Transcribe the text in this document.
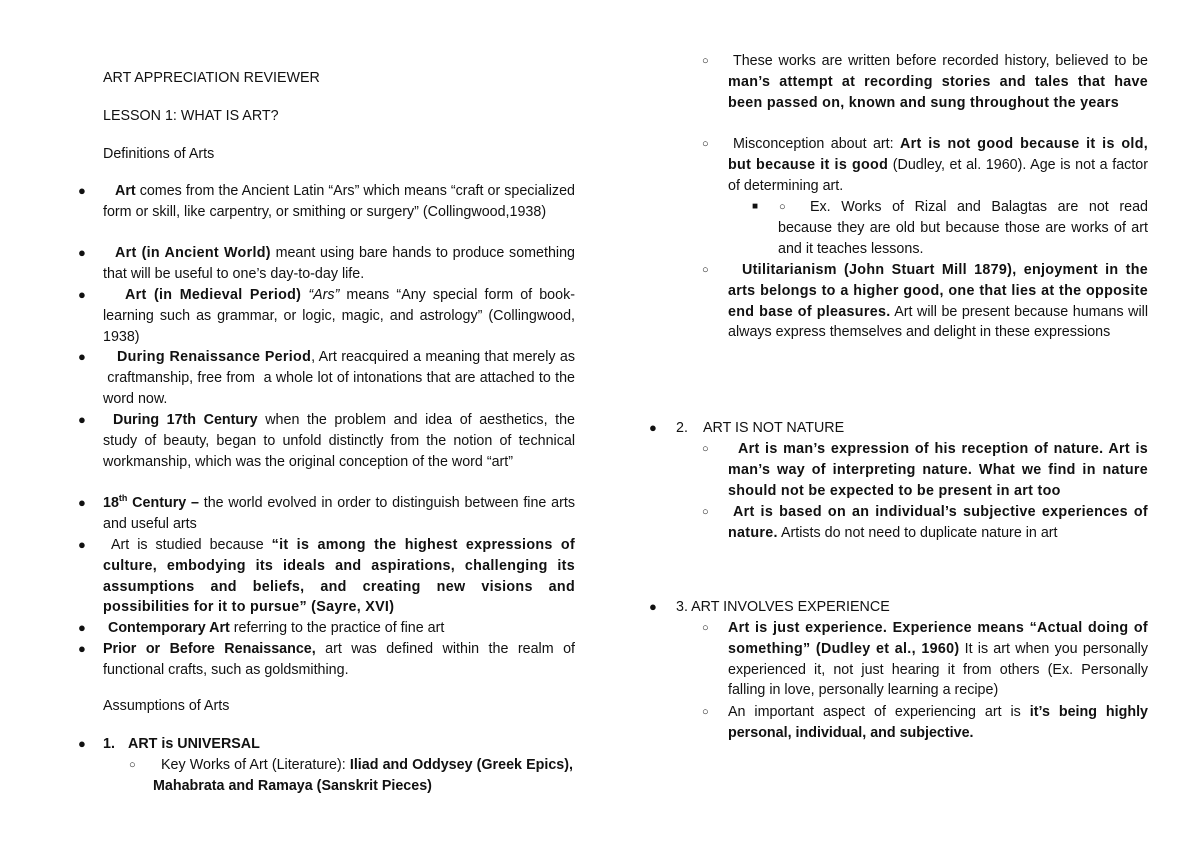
ART APPRECIATION REVIEWER
LESSON 1: WHAT IS ART?
Definitions of Arts
●	Art comes from the Ancient Latin “Ars” which means “craft or specialized form or skill, like carpentry, or smithing or surgery” (Collingwood,1938)
●	Art (in Ancient World) meant using bare hands to produce something that will be useful to one’s day-to-day life.
●	Art (in Medieval Period) “Ars” means “Any special form of book-learning such as grammar, or logic, magic, and astrology” (Collingwood, 1938)
●	During Renaissance Period, Art reacquired a meaning that merely as  craftmanship, free from  a whole lot of intonations that are attached to the word now.
●	During 17th Century when the problem and idea of aesthetics, the study of beauty, began to unfold distinctly from the notion of technical workmanship, which was the original conception of the word “art”
● 18th Century – the world evolved in order to distinguish between fine arts and useful arts
●	Art is studied because “it is among the highest expressions of culture, embodying its ideals and aspirations, challenging its assumptions and beliefs, and creating new visions and possibilities for it to pursue” (Sayre, XVI)
●	Contemporary Art referring to the practice of fine art
● Prior or Before Renaissance, art was defined within the realm of functional crafts, such as goldsmithing.
Assumptions of Arts
● 1. ART is UNIVERSAL
○	Key Works of Art (Literature): Iliad and Oddysey (Greek Epics), Mahabrata and Ramaya (Sanskrit Pieces)
○	These works are written before recorded history, believed to be man’s attempt at recording stories and tales that have been passed on, known and sung throughout the years
○	Misconception about art: Art is not good because it is old, but because it is good (Dudley, et al. 1960). Age is not a factor of determining art.
■ ○	Ex. Works of Rizal and Balagtas are not read because they are old but because those are works of art and it teaches lessons.
○	Utilitarianism (John Stuart Mill 1879), enjoyment in the arts belongs to a higher good, one that lies at the opposite end base of pleasures. Art will be present because humans will always express themselves and delight in these expressions
● 2. ART IS NOT NATURE
○	Art is man’s expression of his reception of nature. Art is man’s way of interpreting nature. What we find in nature should not be expected to be present in art too
○	Art is based on an individual’s subjective experiences of nature. Artists do not need to duplicate nature in art
● 3. ART INVOLVES EXPERIENCE
○ Art is just experience. Experience means “Actual doing of something” (Dudley et al., 1960) It is art when you personally experienced it, not just hearing it from others (Ex. Personally falling in love, personally learning a recipe)
○ An important aspect of experiencing art is it’s being highly personal, individual, and subjective.
